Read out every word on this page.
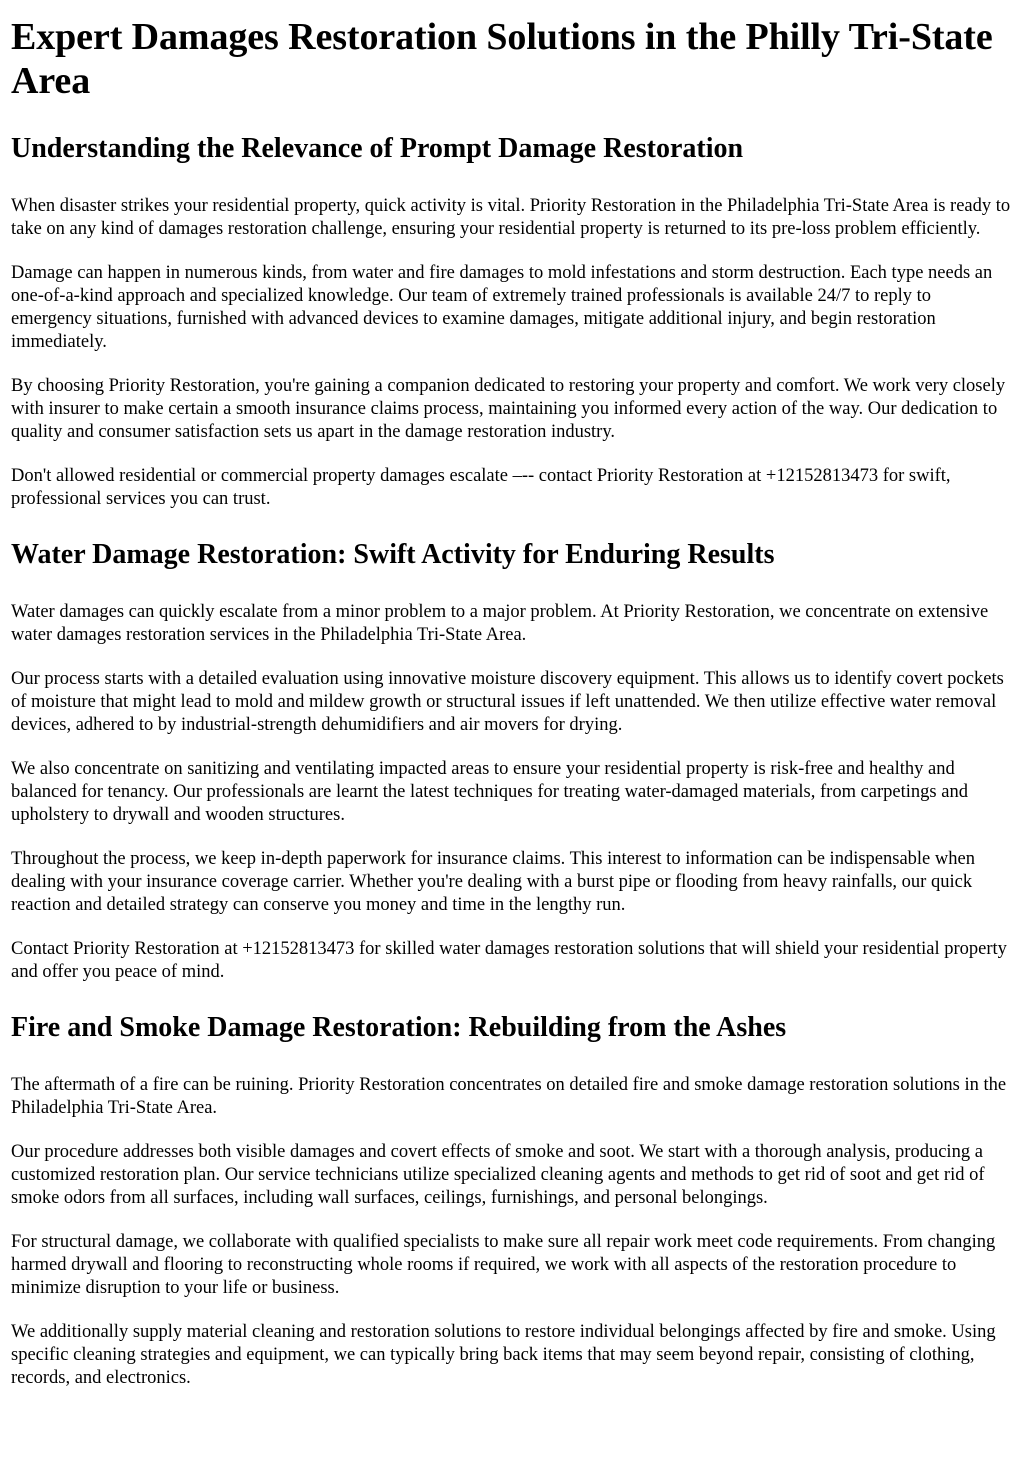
Expert Damages Restoration Solutions in the Philly Tri-State Area
Understanding the Relevance of Prompt Damage Restoration

When disaster strikes your residential property, quick activity is vital. Priority Restoration in the Philadelphia Tri-State Area is ready to take on any kind of damages restoration challenge, ensuring your residential property is returned to its pre-loss problem efficiently.

Damage can happen in numerous kinds, from water and fire damages to mold infestations and storm destruction. Each type needs an one-of-a-kind approach and specialized knowledge. Our team of extremely trained professionals is available 24/7 to reply to emergency situations, furnished with advanced devices to examine damages, mitigate additional injury, and begin restoration immediately.

By choosing Priority Restoration, you're gaining a companion dedicated to restoring your property and comfort. We work very closely with insurer to make certain a smooth insurance claims process, maintaining you informed every action of the way. Our dedication to quality and consumer satisfaction sets us apart in the damage restoration industry.

Don't allowed residential or commercial property damages escalate –-- contact Priority Restoration at +12152813473 for swift, professional services you can trust.

Water Damage Restoration: Swift Activity for Enduring Results

Water damages can quickly escalate from a minor problem to a major problem. At Priority Restoration, we concentrate on extensive water damages restoration services in the Philadelphia Tri-State Area.

Our process starts with a detailed evaluation using innovative moisture discovery equipment. This allows us to identify covert pockets of moisture that might lead to mold and mildew growth or structural issues if left unattended. We then utilize effective water removal devices, adhered to by industrial-strength dehumidifiers and air movers for drying.

We also concentrate on sanitizing and ventilating impacted areas to ensure your residential property is risk-free and healthy and balanced for tenancy. Our professionals are learnt the latest techniques for treating water-damaged materials, from carpetings and upholstery to drywall and wooden structures.

Throughout the process, we keep in-depth paperwork for insurance claims. This interest to information can be indispensable when dealing with your insurance coverage carrier. Whether you're dealing with a burst pipe or flooding from heavy rainfalls, our quick reaction and detailed strategy can conserve you money and time in the lengthy run.

Contact Priority Restoration at +12152813473 for skilled water damages restoration solutions that will shield your residential property and offer you peace of mind.

Fire and Smoke Damage Restoration: Rebuilding from the Ashes

The aftermath of a fire can be ruining. Priority Restoration concentrates on detailed fire and smoke damage restoration solutions in the Philadelphia Tri-State Area.

Our procedure addresses both visible damages and covert effects of smoke and soot. We start with a thorough analysis, producing a customized restoration plan. Our service technicians utilize specialized cleaning agents and methods to get rid of soot and get rid of smoke odors from all surfaces, including wall surfaces, ceilings, furnishings, and personal belongings.

For structural damage, we collaborate with qualified specialists to make sure all repair work meet code requirements. From changing harmed drywall and flooring to reconstructing whole rooms if required, we work with all aspects of the restoration procedure to minimize disruption to your life or business.

We additionally supply material cleaning and restoration solutions to restore individual belongings affected by fire and smoke. Using specific cleaning strategies and equipment, we can typically bring back items that may seem beyond repair, consisting of clothing, records, and electronics.
